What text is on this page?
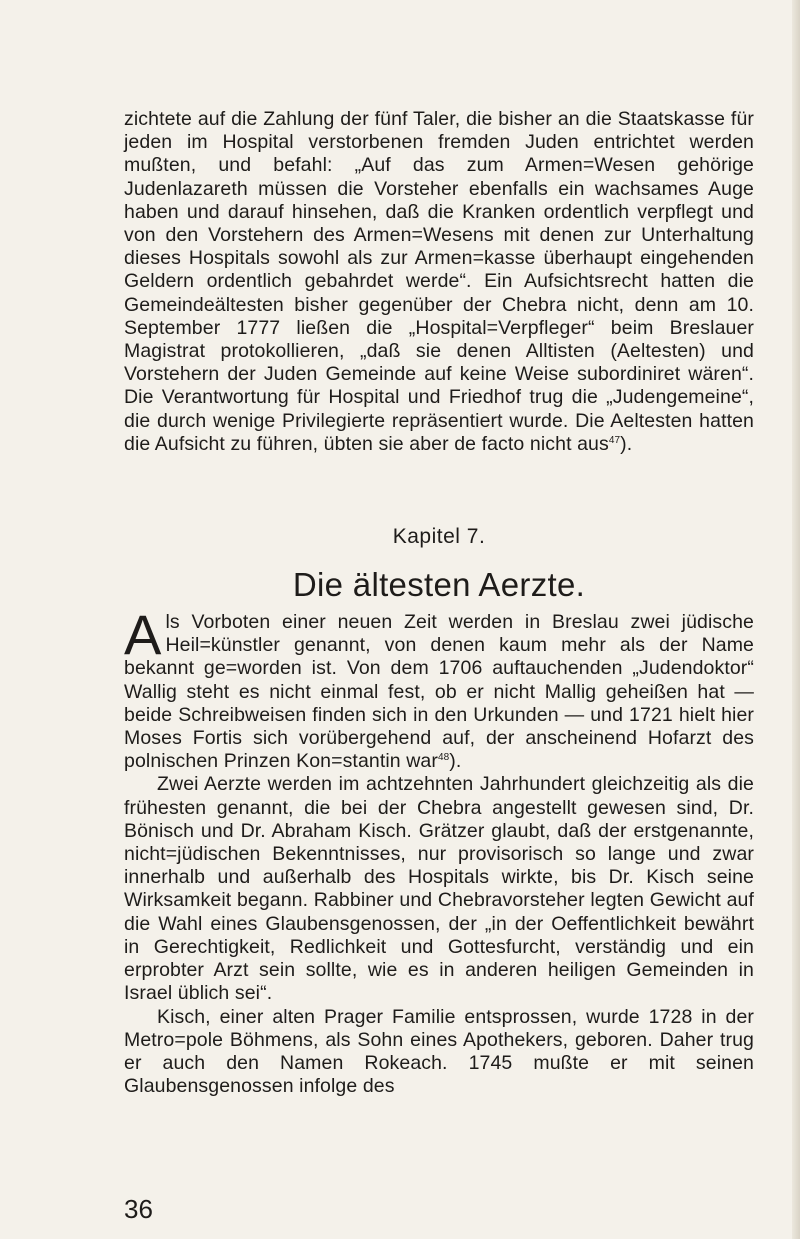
zichtete auf die Zahlung der fünf Taler, die bisher an die Staatskasse für jeden im Hospital verstorbenen fremden Juden entrichtet werden mußten, und befahl: „Auf das zum Armen=Wesen gehörige Judenlazareth müssen die Vorsteher ebenfalls ein wachsames Auge haben und darauf hinsehen, daß die Kranken ordentlich verpflegt und von den Vorstehern des Armen=Wesens mit denen zur Unterhaltung dieses Hospitals sowohl als zur Armen=kasse überhaupt eingehenden Geldern ordentlich gebahrdet werde“. Ein Aufsichtsrecht hatten die Gemeindeältesten bisher gegenüber der Chebra nicht, denn am 10. September 1777 ließen die „Hospital=Verpfleger“ beim Breslauer Magistrat protokollieren, „daß sie denen Alltisten (Aeltesten) und Vorstehern der Juden Gemeinde auf keine Weise subordiniret wären“. Die Verantwortung für Hospital und Friedhof trug die „Judengemeine“, die durch wenige Privilegierte repräsentiert wurde. Die Aeltesten hatten die Aufsicht zu führen, übten sie aber de facto nicht aus$^{47}$).

Kapitel 7.
Die ältesten Aerzte.

Als Vorboten einer neuen Zeit werden in Breslau zwei jüdische Heil=künstler genannt, von denen kaum mehr als der Name bekannt ge=worden ist. Von dem 1706 auftauchenden „Judendoktor“ Wallig steht es nicht einmal fest, ob er nicht Mallig geheißen hat — beide Schreibweisen finden sich in den Urkunden — und 1721 hielt hier Moses Fortis sich vorübergehend auf, der anscheinend Hofarzt des polnischen Prinzen Kon=stantin war$^{48}$).

Zwei Aerzte werden im achtzehnten Jahrhundert gleichzeitig als die frühesten genannt, die bei der Chebra angestellt gewesen sind, Dr. Bönisch und Dr. Abraham Kisch. Grätzer glaubt, daß der erstgenannte, nicht=jüdischen Bekenntnisses, nur provisorisch so lange und zwar innerhalb und außerhalb des Hospitals wirkte, bis Dr. Kisch seine Wirksamkeit begann. Rabbiner und Chebravorsteher legten Gewicht auf die Wahl eines Glaubensgenossen, der „in der Oeffentlichkeit bewährt in Gerechtigkeit, Redlichkeit und Gottesfurcht, verständig und ein erprobter Arzt sein sollte, wie es in anderen heiligen Gemeinden in Israel üblich sei“.

Kisch, einer alten Prager Familie entsprossen, wurde 1728 in der Metro=pole Böhmens, als Sohn eines Apothekers, geboren. Daher trug er auch den Namen Rokeach. 1745 mußte er mit seinen Glaubensgenossen infolge des

36
